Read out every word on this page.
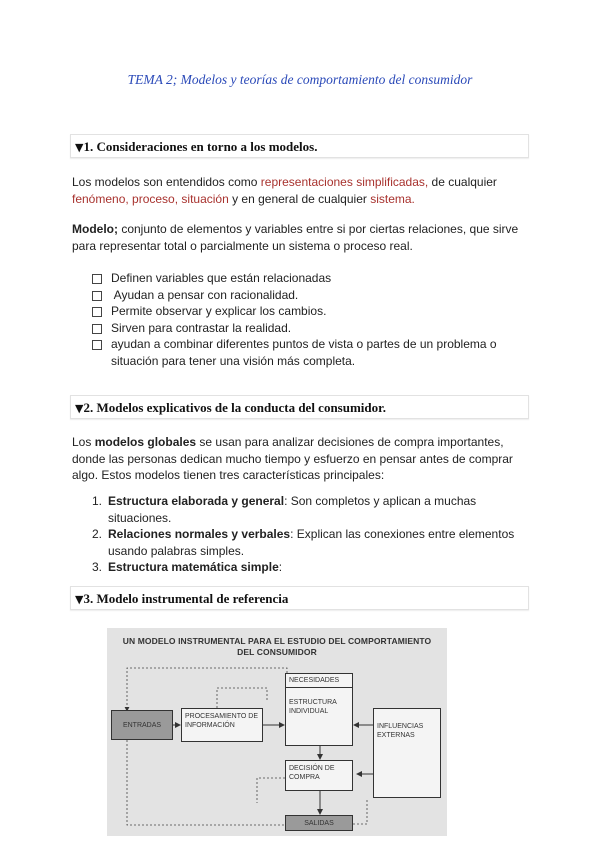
TEMA 2; Modelos y teorías de comportamiento del consumidor
▼1. Consideraciones en torno a los modelos.
Los modelos son entendidos como representaciones simplificadas, de cualquier fenómeno, proceso, situación y en general de cualquier sistema.
Modelo; conjunto de elementos y variables entre si por ciertas relaciones, que sirve para representar total o parcialmente un sistema o proceso real.
Definen variables que están relacionadas
Ayudan a pensar con racionalidad.
Permite observar y explicar los cambios.
Sirven para contrastar la realidad.
ayudan a combinar diferentes puntos de vista o partes de un problema o situación para tener una visión más completa.
▼2. Modelos explicativos de la conducta del consumidor.
Los modelos globales se usan para analizar decisiones de compra importantes, donde las personas dedican mucho tiempo y esfuerzo en pensar antes de comprar algo. Estos modelos tienen tres características principales:
1. Estructura elaborada y general: Son completos y aplican a muchas situaciones.
2. Relaciones normales y verbales: Explican las conexiones entre elementos usando palabras simples.
3. Estructura matemática simple:
▼3. Modelo instrumental de referencia
UN MODELO INSTRUMENTAL PARA EL ESTUDIO DEL COMPORTAMIENTO
DEL CONSUMIDOR
ENTRADAS
PROCESAMIENTO DE INFORMACIÓN
NECESIDADES
ESTRUCTURA INDIVIDUAL
INFLUENCIAS EXTERNAS
DECISIÓN DE COMPRA
SALIDAS
